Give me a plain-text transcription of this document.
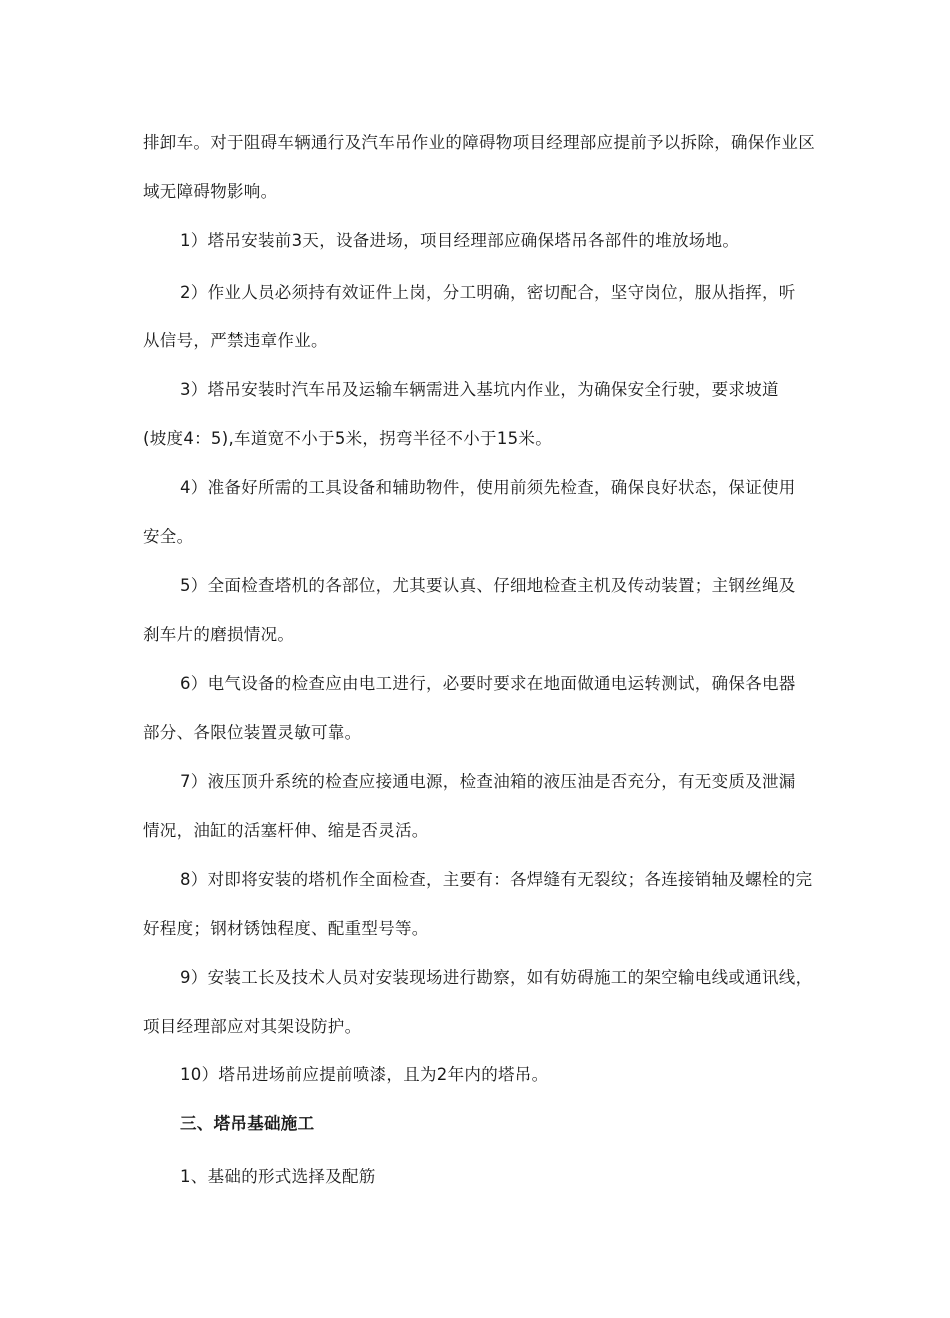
排卸车。对于阻碍车辆通行及汽车吊作业的障碍物项目经理部应提前予以拆除，确保作业区
域无障碍物影响。
1）塔吊安装前3天，设备进场，项目经理部应确保塔吊各部件的堆放场地。
2）作业人员必须持有效证件上岗，分工明确，密切配合，坚守岗位，服从指挥，听
从信号，严禁违章作业。
3）塔吊安装时汽车吊及运输车辆需进入基坑内作业，为确保安全行驶，要求坡道
(坡度4：5),车道宽不小于5米，拐弯半径不小于15米。
4）准备好所需的工具设备和辅助物件，使用前须先检查，确保良好状态，保证使用
安全。
5）全面检查塔机的各部位，尤其要认真、仔细地检查主机及传动装置；主钢丝绳及
刹车片的磨损情况。
6）电气设备的检查应由电工进行，必要时要求在地面做通电运转测试，确保各电器
部分、各限位装置灵敏可靠。
7）液压顶升系统的检查应接通电源，检查油箱的液压油是否充分，有无变质及泄漏
情况，油缸的活塞杆伸、缩是否灵活。
8）对即将安装的塔机作全面检查，主要有：各焊缝有无裂纹；各连接销轴及螺栓的完
好程度；钢材锈蚀程度、配重型号等。
9）安装工长及技术人员对安装现场进行勘察，如有妨碍施工的架空输电线或通讯线，
项目经理部应对其架设防护。
10）塔吊进场前应提前喷漆，且为2年内的塔吊。
三、塔吊基础施工
1、基础的形式选择及配筋
